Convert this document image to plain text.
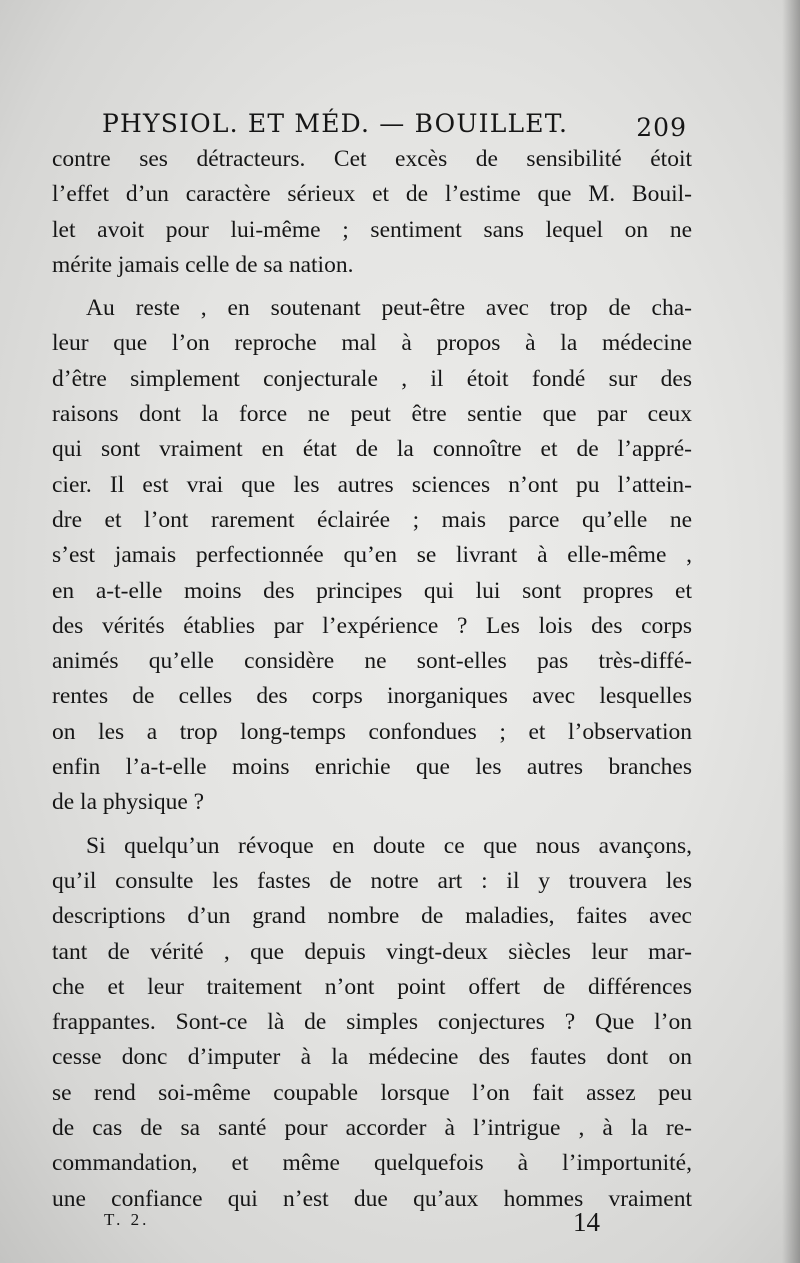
PHYSIOL. ET MÉD. — BOUILLET.	209
contre ses détracteurs. Cet excès de sensibilité étoit
l’effet d’un caractère sérieux et de l’estime que M. Bouil-
let avoit pour lui-même ; sentiment sans lequel on ne
mérite jamais celle de sa nation.
Au reste , en soutenant peut-être avec trop de cha-
leur que l’on reproche mal à propos à la médecine
d’être simplement conjecturale , il étoit fondé sur des
raisons dont la force ne peut être sentie que par ceux
qui sont vraiment en état de la connoître et de l’appré-
cier. Il est vrai que les autres sciences n’ont pu l’attein-
dre et l’ont rarement éclairée ; mais parce qu’elle ne
s’est jamais perfectionnée qu’en se livrant à elle-même ,
en a-t-elle moins des principes qui lui sont propres et
des vérités établies par l’expérience ? Les lois des corps
animés qu’elle considère ne sont-elles pas très-diffé-
rentes de celles des corps inorganiques avec lesquelles
on les a trop long-temps confondues ; et l’observation
enfin l’a-t-elle moins enrichie que les autres branches
de la physique ?
Si quelqu’un révoque en doute ce que nous avançons,
qu’il consulte les fastes de notre art : il y trouvera les
descriptions d’un grand nombre de maladies, faites avec
tant de vérité , que depuis vingt-deux siècles leur mar-
che et leur traitement n’ont point offert de différences
frappantes. Sont-ce là de simples conjectures ? Que l’on
cesse donc d’imputer à la médecine des fautes dont on
se rend soi-même coupable lorsque l’on fait assez peu
de cas de sa santé pour accorder à l’intrigue , à la re-
commandation, et même quelquefois à l’importunité,
une confiance qui n’est due qu’aux hommes vraiment
T. 2.	14
